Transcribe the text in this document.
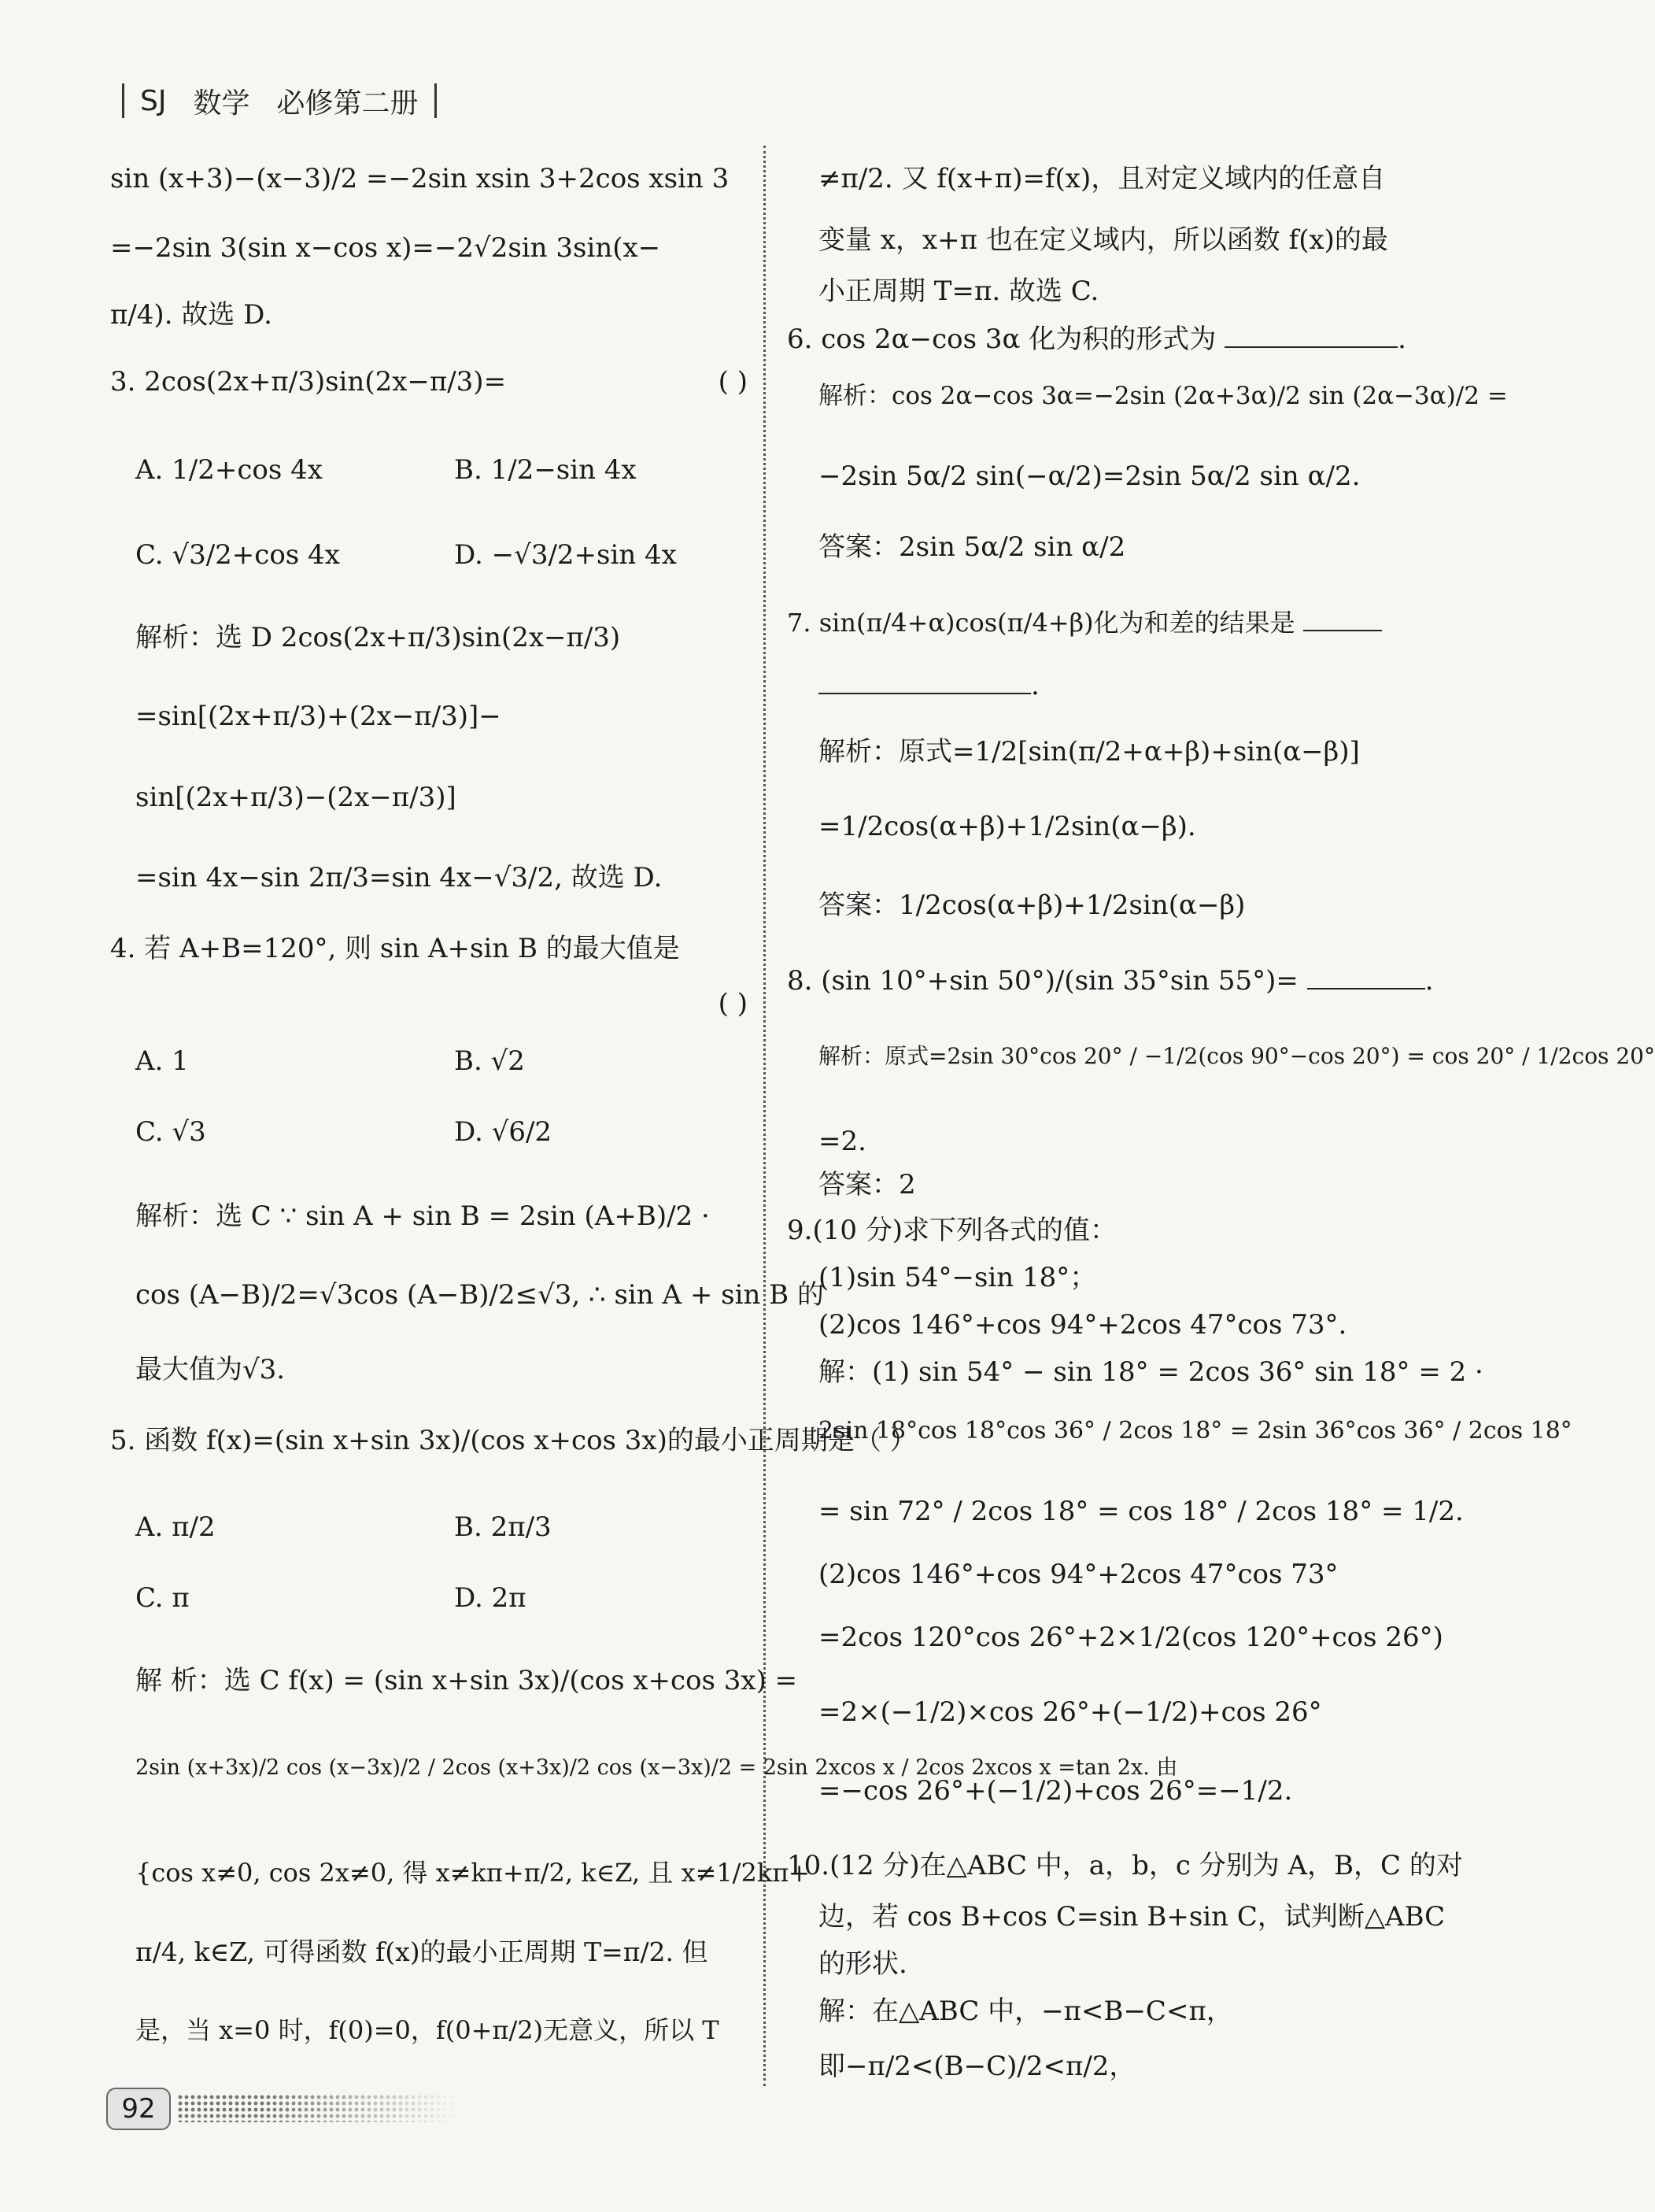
SJ 数学 必修第二册
sin (x+3)−(x−3)/2 =−2sin xsin 3+2cos xsin 3
=−2sin 3(sin x−cos x)=−2√2sin 3sin(x−
π/4). 故选 D.
3. 2cos(2x+π/3)sin(2x−π/3)=	( )
A. 1/2+cos 4x	B. 1/2−sin 4x
C. √3/2+cos 4x	D. −√3/2+sin 4x
解析：选 D 2cos(2x+π/3)sin(2x−π/3)
=sin[(2x+π/3)+(2x−π/3)]−
sin[(2x+π/3)−(2x−π/3)]
=sin 4x−sin 2π/3=sin 4x−√3/2, 故选 D.
4. 若 A+B=120°, 则 sin A+sin B 的最大值是
( )
A. 1	B. √2
C. √3	D. √6/2
解析：选 C ∵ sin A + sin B = 2sin (A+B)/2 ·
cos (A−B)/2=√3cos (A−B)/2≤√3, ∴ sin A + sin B 的
最大值为√3.
5. 函数 f(x)=(sin x+sin 3x)/(cos x+cos 3x)的最小正周期是（ ）
A. π/2	B. 2π/3
C. π	D. 2π
解 析：选 C f(x) = (sin x+sin 3x)/(cos x+cos 3x) =
2sin (x+3x)/2 cos (x−3x)/2 / 2cos (x+3x)/2 cos (x−3x)/2 = 2sin 2xcos x / 2cos 2xcos x =tan 2x. 由
{cos x≠0, cos 2x≠0, 得 x≠kπ+π/2, k∈Z, 且 x≠1/2kπ+
π/4, k∈Z, 可得函数 f(x)的最小正周期 T=π/2. 但
是，当 x=0 时，f(0)=0，f(0+π/2)无意义，所以 T
≠π/2. 又 f(x+π)=f(x)，且对定义域内的任意自
变量 x，x+π 也在定义域内，所以函数 f(x)的最
小正周期 T=π. 故选 C.
6. cos 2α−cos 3α 化为积的形式为	.
解析：cos 2α−cos 3α=−2sin (2α+3α)/2 sin (2α−3α)/2 =
−2sin 5α/2 sin(−α/2)=2sin 5α/2 sin α/2.
答案：2sin 5α/2 sin α/2
7. sin(π/4+α)cos(π/4+β)化为和差的结果是
.
解析：原式=1/2[sin(π/2+α+β)+sin(α−β)]
=1/2cos(α+β)+1/2sin(α−β).
答案：1/2cos(α+β)+1/2sin(α−β)
8. (sin 10°+sin 50°)/(sin 35°sin 55°)=	.
解析：原式=2sin 30°cos 20° / −1/2(cos 90°−cos 20°) = cos 20° / 1/2cos 20°
=2.
答案：2
9.(10 分)求下列各式的值：
(1)sin 54°−sin 18°；
(2)cos 146°+cos 94°+2cos 47°cos 73°.
解：(1) sin 54° − sin 18° = 2cos 36° sin 18° = 2 ·
2sin 18°cos 18°cos 36° / 2cos 18° = 2sin 36°cos 36° / 2cos 18°
= sin 72° / 2cos 18° = cos 18° / 2cos 18° = 1/2.
(2)cos 146°+cos 94°+2cos 47°cos 73°
=2cos 120°cos 26°+2×1/2(cos 120°+cos 26°)
=2×(−1/2)×cos 26°+(−1/2)+cos 26°
=−cos 26°+(−1/2)+cos 26°=−1/2.
10.(12 分)在△ABC 中，a，b，c 分别为 A，B，C 的对
边，若 cos B+cos C=sin B+sin C，试判断△ABC
的形状.
解：在△ABC 中，−π<B−C<π，
即−π/2<(B−C)/2<π/2，
92
